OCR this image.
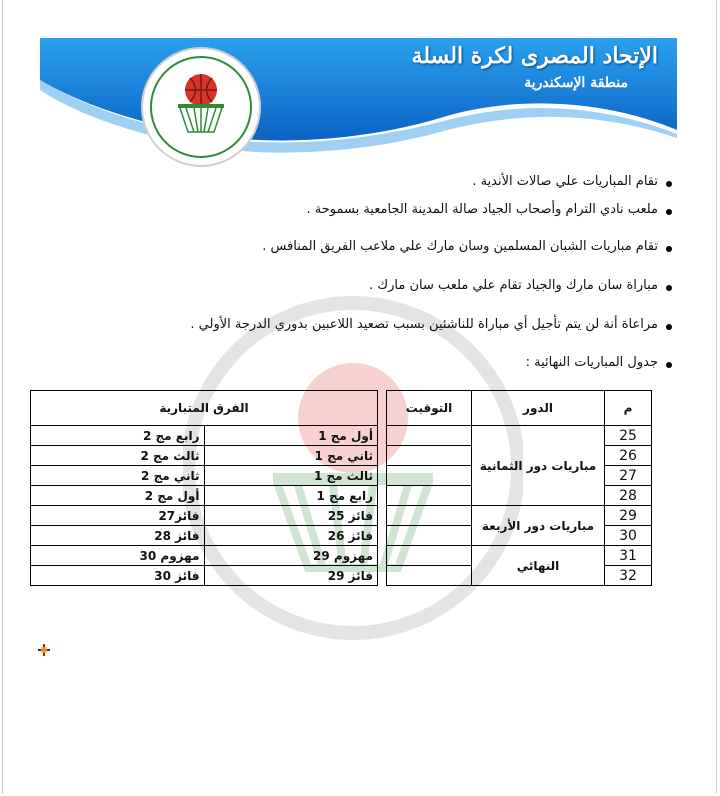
الإتحاد المصرى لكرة السلة
منطقة الإسكندرية
تقام المباريات علي صالات الأندية .
ملعب نادي الترام وأصحاب الجياد صالة المدينة الجامعية بسموحة .
تقام مباريات الشبان المسلمين وسان مارك علي ملاعب الفريق المنافس .
مباراة سان مارك والجياد تقام علي ملعب سان مارك .
مراعاة أنة لن يتم تأجيل أي مباراة للناشئين بسبب تصعيد اللاعبين بدوري الدرجة الأولي .
جدول المباريات النهائية :
م	الدور	التوقيت		الفرق المتبارية	
25	مباريات دور الثمانية			أول مج 1	رابع مج 2
26				ثاني مج 1	ثالث مج 2
27				ثالث مج 1	ثاني مج 2
28				رابع مج 1	أول مج 2
29	مباريات دور الأربعة			فائز 25	فائز27
30				فائز 26	فائز 28
31	النهائي			مهزوم 29	مهزوم 30
32				فائز 29	فائز 30
